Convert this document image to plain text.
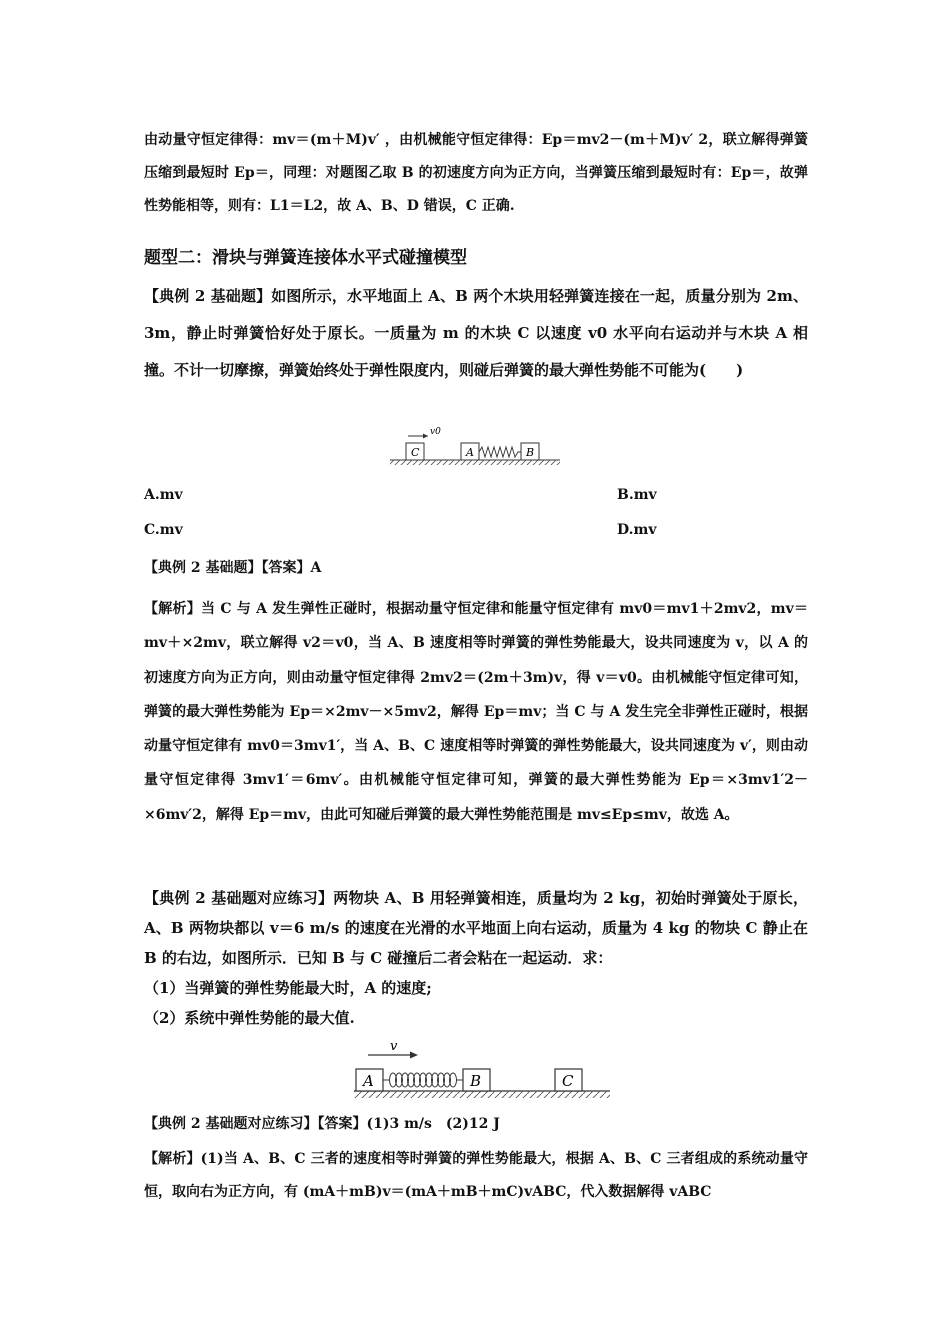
由动量守恒定律得：mv＝(m＋M)v′ ，由机械能守恒定律得：Ep＝mv2－(m＋M)v′ 2，联立解得弹簧压缩到最短时 Ep＝，同理：对题图乙取 B 的初速度方向为正方向，当弹簧压缩到最短时有：Ep＝，故弹性势能相等，则有：L1＝L2，故 A、B、D 错误，C 正确.
题型二：滑块与弹簧连接体水平式碰撞模型
【典例 2 基础题】如图所示，水平地面上 A、B 两个木块用轻弹簧连接在一起，质量分别为 2m、3m，静止时弹簧恰好处于原长。一质量为 m 的木块 C 以速度 v0 水平向右运动并与木块 A 相撞。不计一切摩擦，弹簧始终处于弹性限度内，则碰后弹簧的最大弹性势能不可能为(　　)
v0
C	A	B
A.mv	B.mv
C.mv	D.mv
【典例 2 基础题】【答案】A
【解析】当 C 与 A 发生弹性正碰时，根据动量守恒定律和能量守恒定律有 mv0＝mv1＋2mv2，mv＝mv＋×2mv，联立解得 v2＝v0，当 A、B 速度相等时弹簧的弹性势能最大，设共同速度为 v，以 A 的初速度方向为正方向，则由动量守恒定律得 2mv2＝(2m＋3m)v，得 v＝v0。由机械能守恒定律可知，弹簧的最大弹性势能为 Ep＝×2mv－×5mv2，解得 Ep＝mv；当 C 与 A 发生完全非弹性正碰时，根据动量守恒定律有 mv0＝3mv1′，当 A、B、C 速度相等时弹簧的弹性势能最大，设共同速度为 v′，则由动量守恒定律得 3mv1′＝6mv′。由机械能守恒定律可知，弹簧的最大弹性势能为 Ep＝×3mv1′2－×6mv′2，解得 Ep＝mv，由此可知碰后弹簧的最大弹性势能范围是 mv≤Ep≤mv，故选 A。
【典例 2 基础题对应练习】两物块 A、B 用轻弹簧相连，质量均为 2 kg，初始时弹簧处于原长，A、B 两物块都以 v＝6 m/s 的速度在光滑的水平地面上向右运动，质量为 4 kg 的物块 C 静止在 B 的右边，如图所示．已知 B 与 C 碰撞后二者会粘在一起运动．求：
（1）当弹簧的弹性势能最大时，A 的速度;
（2）系统中弹性势能的最大值.
v
A	B	C
【典例 2 基础题对应练习】【答案】(1)3 m/s　(2)12 J
【解析】(1)当 A、B、C 三者的速度相等时弹簧的弹性势能最大，根据 A、B、C 三者组成的系统动量守恒，取向右为正方向，有 (mA＋mB)v＝(mA＋mB＋mC)vABC，代入数据解得 vABC
